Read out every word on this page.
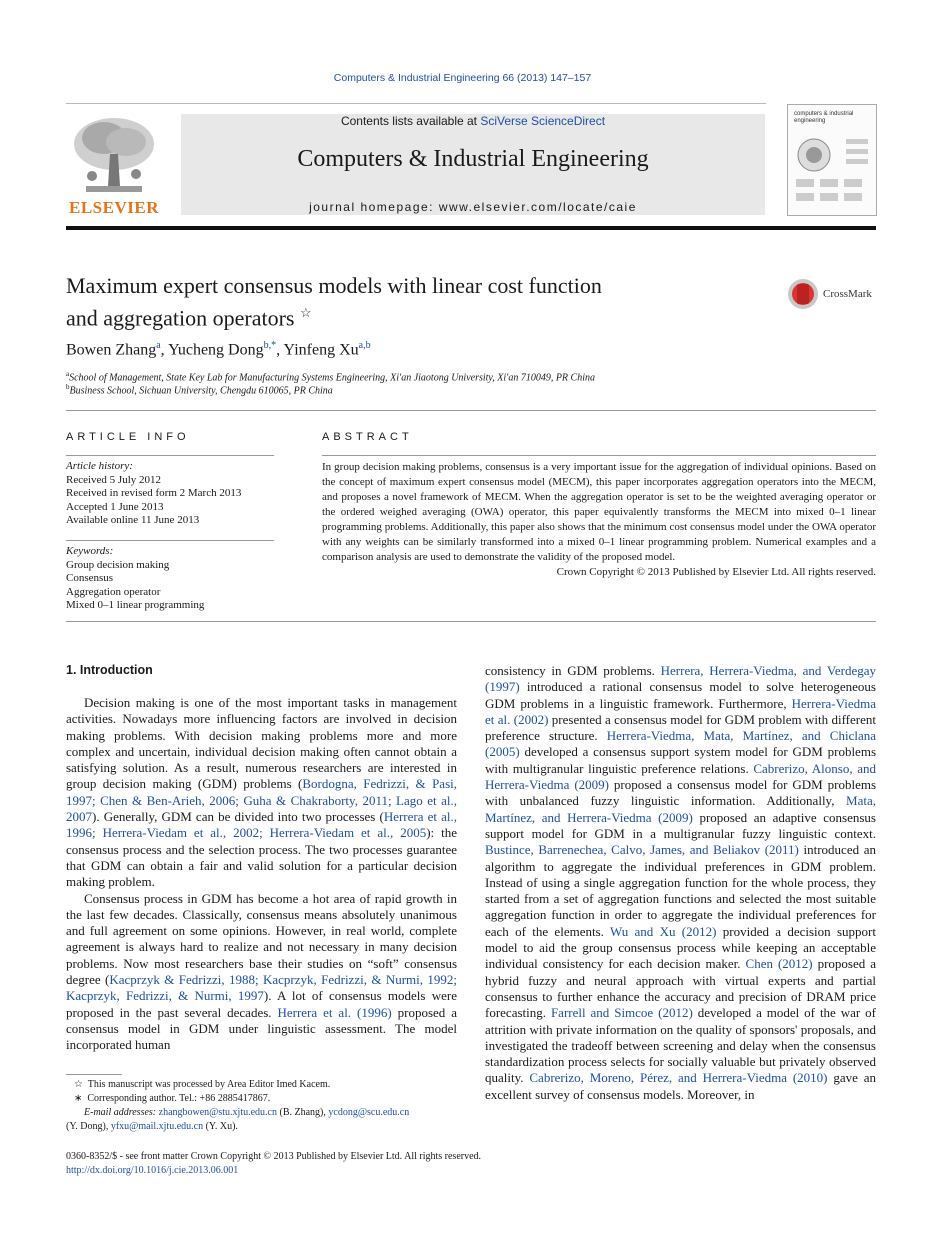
Computers & Industrial Engineering 66 (2013) 147–157
ELSEVIER
Contents lists available at SciVerse ScienceDirect
Computers & Industrial Engineering
journal homepage: www.elsevier.com/locate/caie
computers & industrial engineering
Maximum expert consensus models with linear cost function
and aggregation operators ☆
CrossMark
Bowen Zhang$^a$, Yucheng Dong$^{b,*}$, Yinfeng Xu$^{a,b}$
$^a$School of Management, State Key Lab for Manufacturing Systems Engineering, Xi'an Jiaotong University, Xi'an 710049, PR China
$^b$Business School, Sichuan University, Chengdu 610065, PR China
ARTICLE INFO
Article history:
Received 5 July 2012
Received in revised form 2 March 2013
Accepted 1 June 2013
Available online 11 June 2013
Keywords:
Group decision making
Consensus
Aggregation operator
Mixed 0–1 linear programming
ABSTRACT
In group decision making problems, consensus is a very important issue for the aggregation of individual opinions. Based on the concept of maximum expert consensus model (MECM), this paper incorporates aggregation operators into the MECM, and proposes a novel framework of MECM. When the aggregation operator is set to be the weighted averaging operator or the ordered weighed averaging (OWA) operator, this paper equivalently transforms the MECM into mixed 0–1 linear programming problems. Additionally, this paper also shows that the minimum cost consensus model under the OWA operator with any weights can be similarly transformed into a mixed 0–1 linear programming problem. Numerical examples and a comparison analysis are used to demonstrate the validity of the proposed model.
Crown Copyright © 2013 Published by Elsevier Ltd. All rights reserved.
1. Introduction

Decision making is one of the most important tasks in management activities. Nowadays more influencing factors are involved in decision making problems. With decision making problems more and more complex and uncertain, individual decision making often cannot obtain a satisfying solution. As a result, numerous researchers are interested in group decision making (GDM) problems (Bordogna, Fedrizzi, & Pasi, 1997; Chen & Ben-Arieh, 2006; Guha & Chakraborty, 2011; Lago et al., 2007). Generally, GDM can be divided into two processes (Herrera et al., 1996; Herrera-Viedam et al., 2002; Herrera-Viedam et al., 2005): the consensus process and the selection process. The two processes guarantee that GDM can obtain a fair and valid solution for a particular decision making problem.

Consensus process in GDM has become a hot area of rapid growth in the last few decades. Classically, consensus means absolutely unanimous and full agreement on some opinions. However, in real world, complete agreement is always hard to realize and not necessary in many decision problems. Now most researchers base their studies on “soft” consensus degree (Kacprzyk & Fedrizzi, 1988; Kacprzyk, Fedrizzi, & Nurmi, 1992; Kacprzyk, Fedrizzi, & Nurmi, 1997). A lot of consensus models were proposed in the past several decades. Herrera et al. (1996) proposed a consensus model in GDM under linguistic assessment. The model incorporated human

consistency in GDM problems. Herrera, Herrera-Viedma, and Verdegay (1997) introduced a rational consensus model to solve heterogeneous GDM problems in a linguistic framework. Furthermore, Herrera-Viedma et al. (2002) presented a consensus model for GDM problem with different preference structure. Herrera-Viedma, Mata, Martínez, and Chiclana (2005) developed a consensus support system model for GDM problems with multigranular linguistic preference relations. Cabrerizo, Alonso, and Herrera-Viedma (2009) proposed a consensus model for GDM problems with unbalanced fuzzy linguistic information. Additionally, Mata, Martínez, and Herrera-Viedma (2009) proposed an adaptive consensus support model for GDM in a multigranular fuzzy linguistic context. Bustince, Barrenechea, Calvo, James, and Beliakov (2011) introduced an algorithm to aggregate the individual preferences in GDM problem. Instead of using a single aggregation function for the whole process, they started from a set of aggregation functions and selected the most suitable aggregation function in order to aggregate the individual preferences for each of the elements. Wu and Xu (2012) provided a decision support model to aid the group consensus process while keeping an acceptable individual consistency for each decision maker. Chen (2012) proposed a hybrid fuzzy and neural approach with virtual experts and partial consensus to further enhance the accuracy and precision of DRAM price forecasting. Farrell and Simcoe (2012) developed a model of the war of attrition with private information on the quality of sponsors' proposals, and investigated the tradeoff between screening and delay when the consensus standardization process selects for socially valuable but privately observed quality. Cabrerizo, Moreno, Pérez, and Herrera-Viedma (2010) gave an excellent survey of consensus models. Moreover, in

☆ This manuscript was processed by Area Editor Imed Kacem.
∗ Corresponding author. Tel.: +86 2885417867.
E-mail addresses: zhangbowen@stu.xjtu.edu.cn (B. Zhang), ycdong@scu.edu.cn
(Y. Dong), yfxu@mail.xjtu.edu.cn (Y. Xu).
0360-8352/$ - see front matter Crown Copyright © 2013 Published by Elsevier Ltd. All rights reserved.
http://dx.doi.org/10.1016/j.cie.2013.06.001
